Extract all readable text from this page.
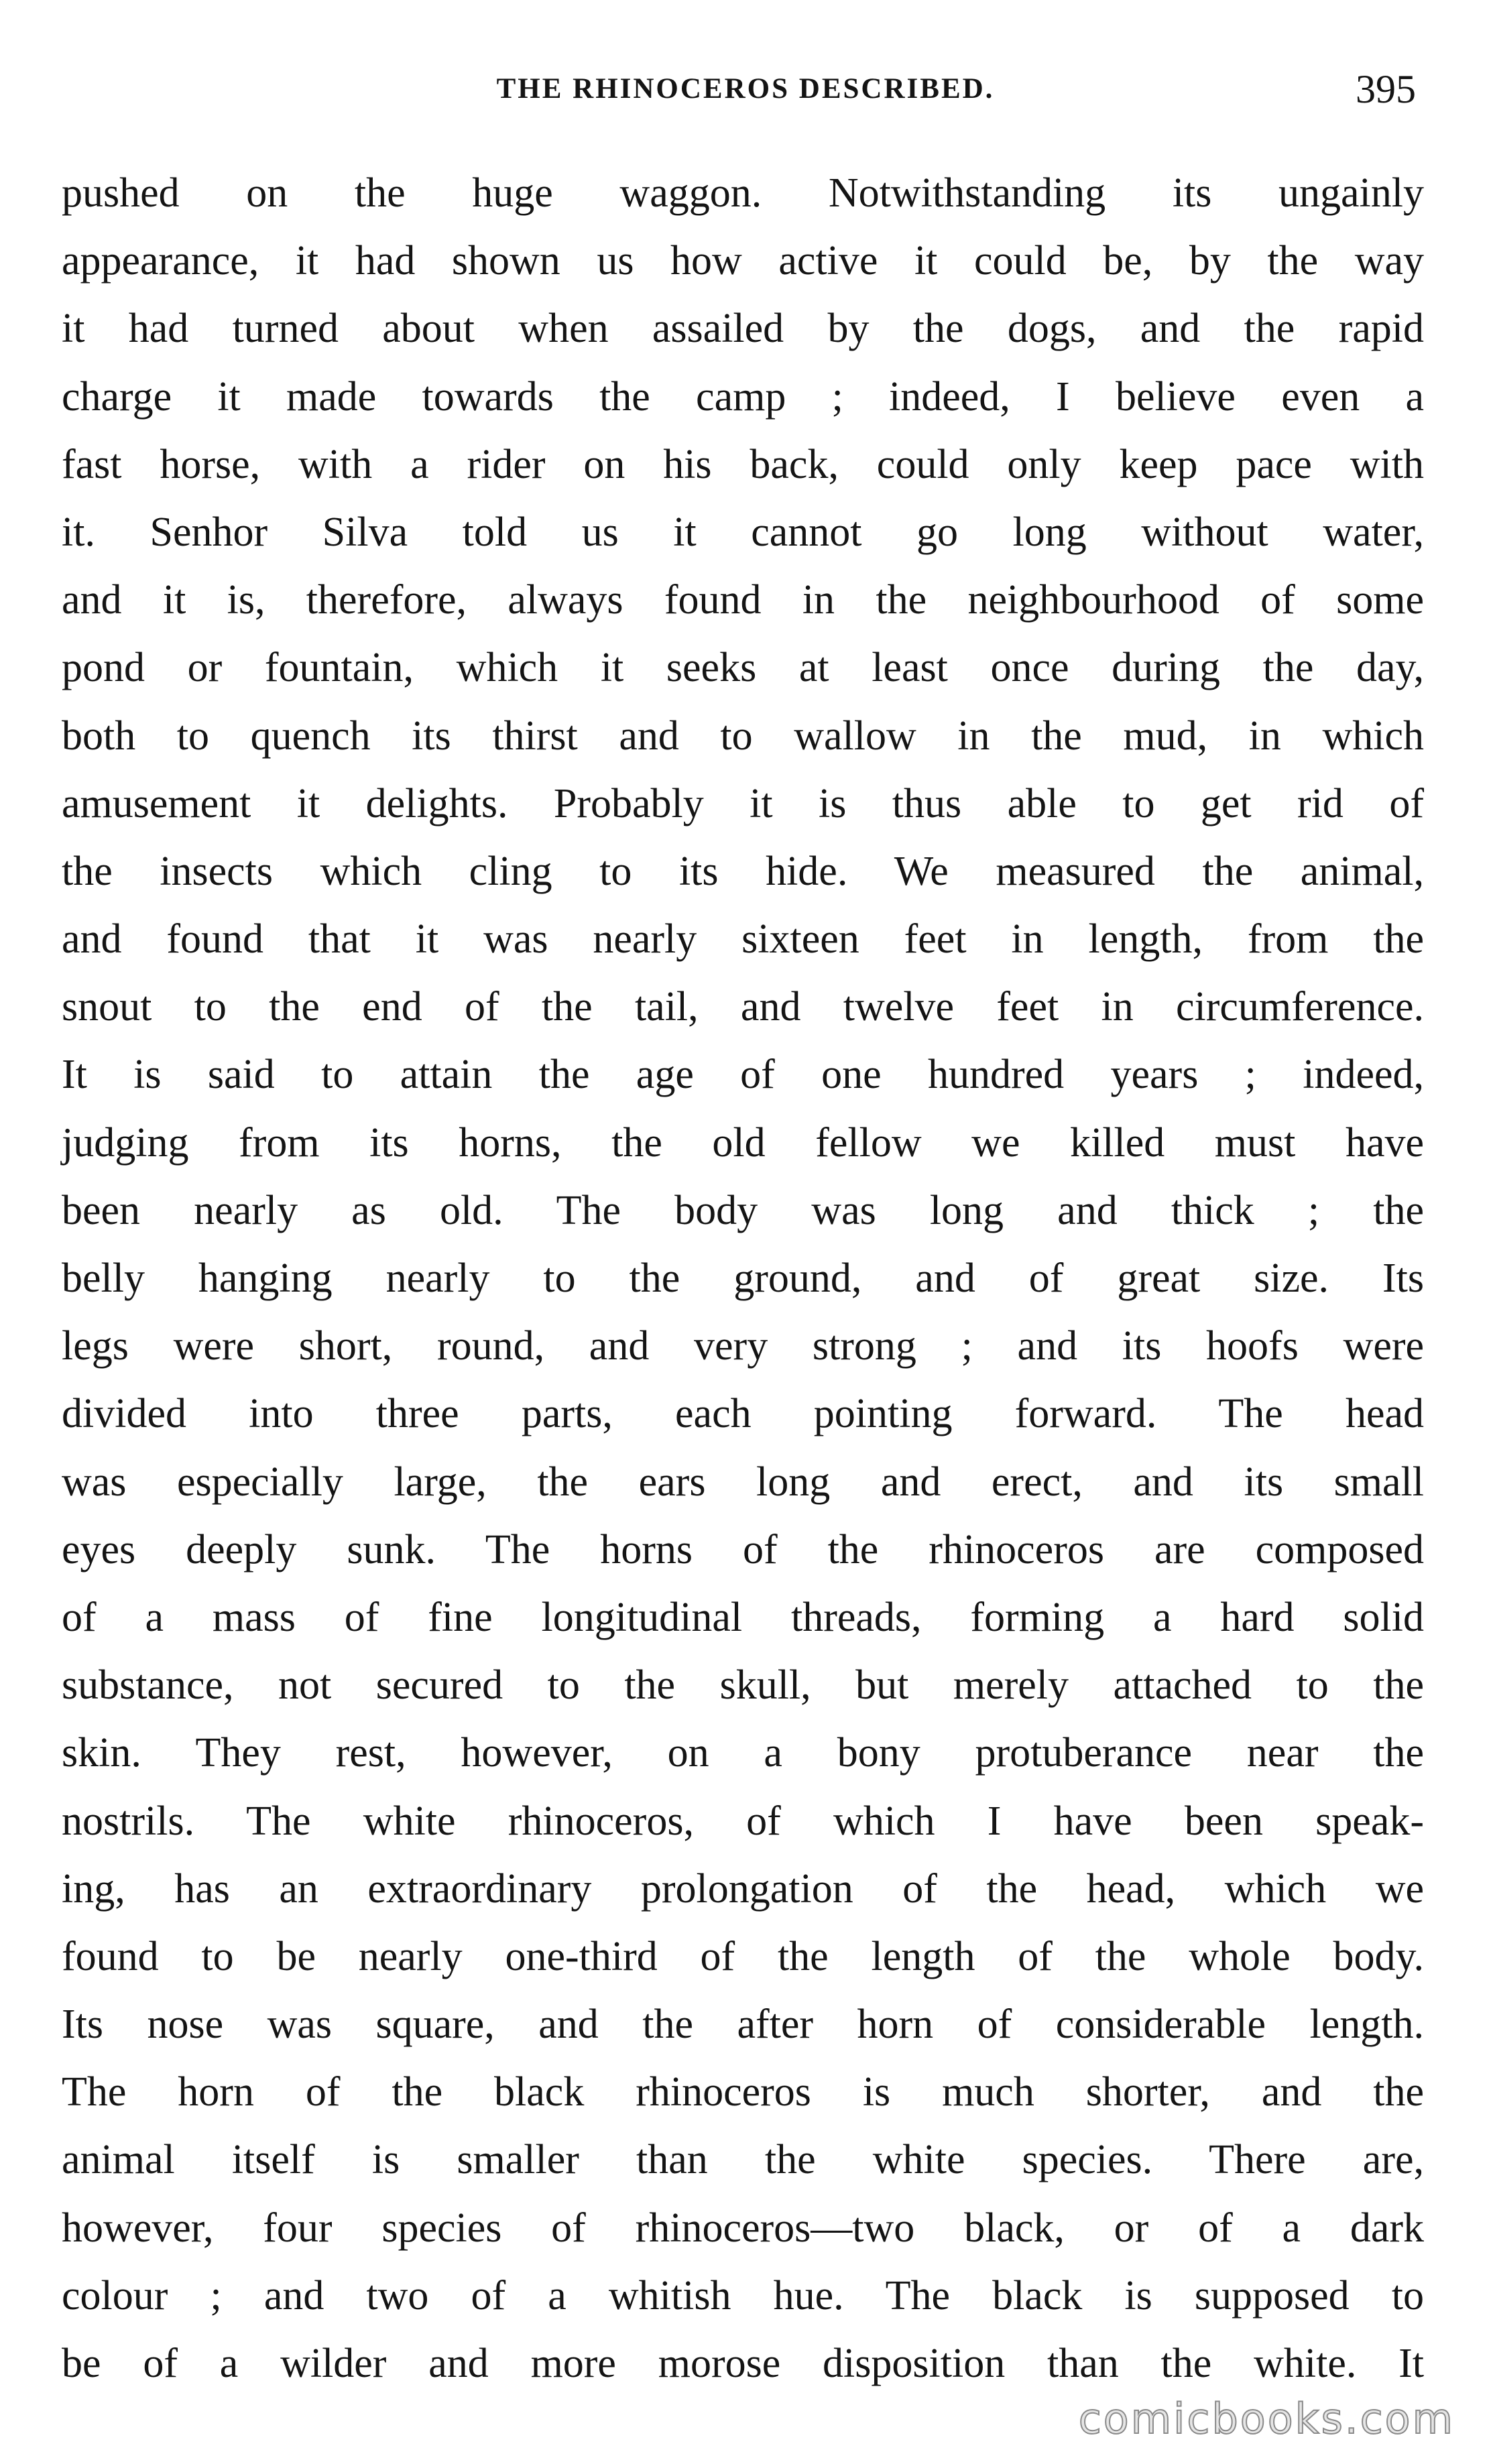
THE RHINOCEROS DESCRIBED.	395
pushed on the huge waggon. Notwithstanding its ungainly
appearance, it had shown us how active it could be, by the way
it had turned about when assailed by the dogs, and the rapid
charge it made towards the camp ; indeed, I believe even a
fast horse, with a rider on his back, could only keep pace with
it. Senhor Silva told us it cannot go long without water,
and it is, therefore, always found in the neighbourhood of some
pond or fountain, which it seeks at least once during the day,
both to quench its thirst and to wallow in the mud, in which
amusement it delights. Probably it is thus able to get rid of
the insects which cling to its hide. We measured the animal,
and found that it was nearly sixteen feet in length, from the
snout to the end of the tail, and twelve feet in circumference.
It is said to attain the age of one hundred years ; indeed,
judging from its horns, the old fellow we killed must have
been nearly as old. The body was long and thick ; the
belly hanging nearly to the ground, and of great size. Its
legs were short, round, and very strong ; and its hoofs were
divided into three parts, each pointing forward. The head
was especially large, the ears long and erect, and its small
eyes deeply sunk. The horns of the rhinoceros are composed
of a mass of fine longitudinal threads, forming a hard solid
substance, not secured to the skull, but merely attached to the
skin. They rest, however, on a bony protuberance near the
nostrils. The white rhinoceros, of which I have been speak-
ing, has an extraordinary prolongation of the head, which we
found to be nearly one-third of the length of the whole body.
Its nose was square, and the after horn of considerable length.
The horn of the black rhinoceros is much shorter, and the
animal itself is smaller than the white species. There are,
however, four species of rhinoceros—two black, or of a dark
colour ; and two of a whitish hue. The black is supposed to
be of a wilder and more morose disposition than the white. It
comicbooks.com
